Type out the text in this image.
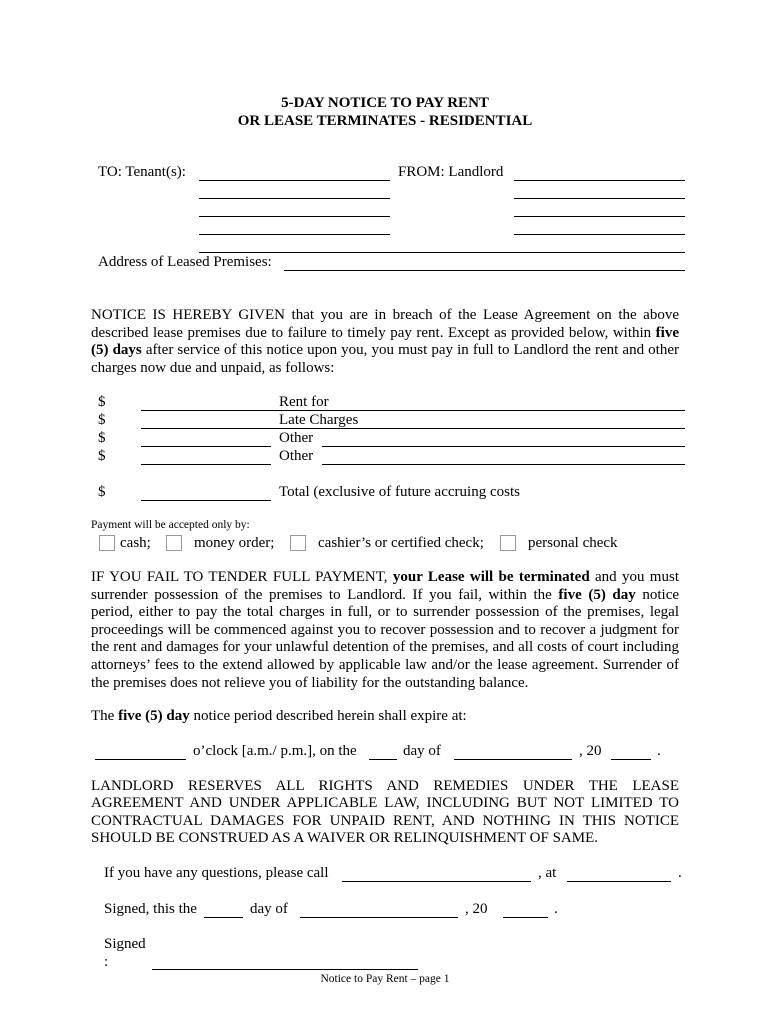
5-DAY NOTICE TO PAY RENT
OR LEASE TERMINATES - RESIDENTIAL
TO: Tenant(s):	FROM: Landlord
Address of Leased Premises:
NOTICE IS HEREBY GIVEN that you are in breach of the Lease Agreement on the above described lease premises due to failure to timely pay rent. Except as provided below, within five (5) days after service of this notice upon you, you must pay in full to Landlord the rent and other charges now due and unpaid, as follows:
$	Rent for
$	Late Charges
$	Other
$	Other
$	Total (exclusive of future accruing costs
Payment will be accepted only by:
cash;	money order;	cashier’s or certified check;	personal check
IF YOU FAIL TO TENDER FULL PAYMENT, your Lease will be terminated and you must surrender possession of the premises to Landlord. If you fail, within the five (5) day notice period, either to pay the total charges in full, or to surrender possession of the premises, legal proceedings will be commenced against you to recover possession and to recover a judgment for the rent and damages for your unlawful detention of the premises, and all costs of court including attorneys’ fees to the extend allowed by applicable law and/or the lease agreement. Surrender of the premises does not relieve you of liability for the outstanding balance.
The five (5) day notice period described herein shall expire at:
o’clock [a.m./ p.m.], on the	day of	, 20	.
LANDLORD RESERVES ALL RIGHTS AND REMEDIES UNDER THE LEASE AGREEMENT AND UNDER APPLICABLE LAW, INCLUDING BUT NOT LIMITED TO CONTRACTUAL DAMAGES FOR UNPAID RENT, AND NOTHING IN THIS NOTICE SHOULD BE CONSTRUED AS A WAIVER OR RELINQUISHMENT OF SAME.
If you have any questions, please call	, at	.
Signed, this the	day of	, 20	.
Signed
:
Notice to Pay Rent – page 1
